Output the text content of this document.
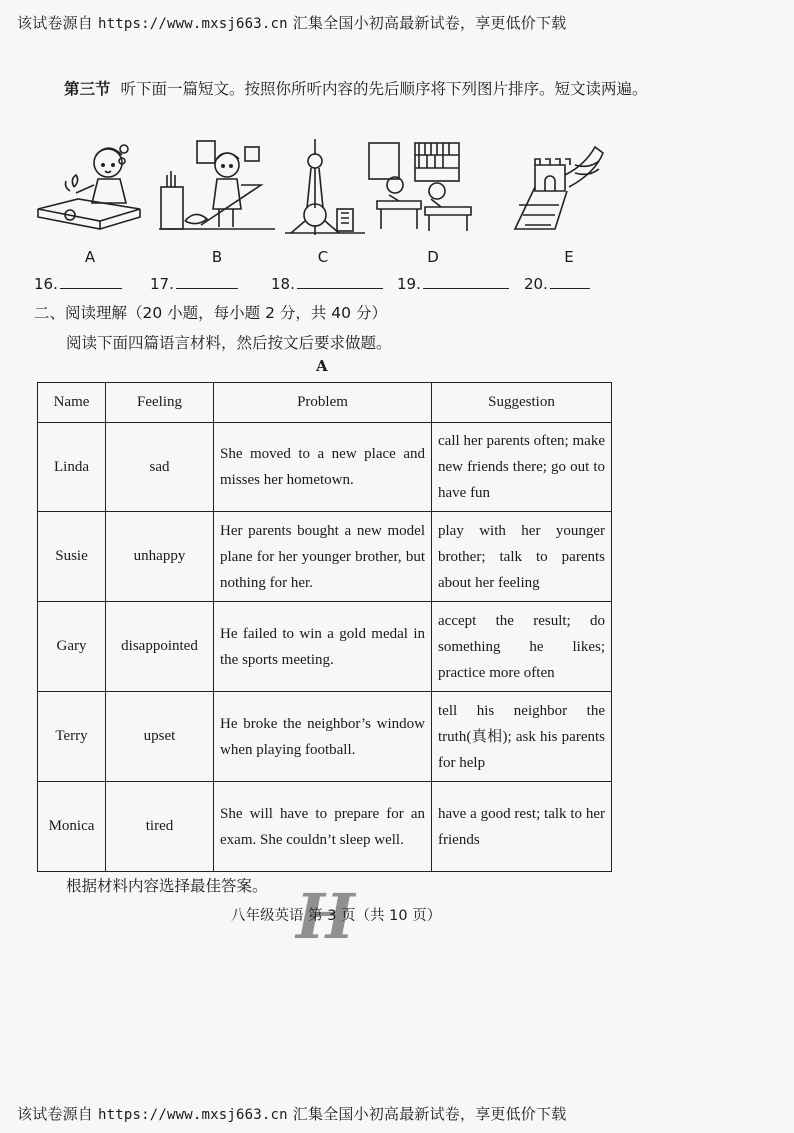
该试卷源自 https://www.mxsj663.cn 汇集全国小初高最新试卷，享更低价下载
第三节 听下面一篇短文。按照你所听内容的先后顺序将下列图片排序。短文读两遍。
A	B	C	D	E
16.	17.	18.	19.	20.
二、阅读理解（20 小题，每小题 2 分，共 40 分）
阅读下面四篇语言材料，然后按文后要求做题。
A
Name	Feeling	Problem	Suggestion
Linda	sad	She moved to a new place and misses her hometown.	call her parents often; make new friends there; go out to have fun
Susie	unhappy	Her parents bought a new model plane for her younger brother, but nothing for her.	play with her younger brother; talk to parents about her feeling
Gary	disappointed	He failed to win a gold medal in the sports meeting.	accept the result; do something he likes; practice more often
Terry	upset	He broke the neighbor’s window when playing football.	tell his neighbor the truth(真相); ask his parents for help
Monica	tired	She will have to prepare for an exam. She couldn’t sleep well.	have a good rest; talk to her friends
根据材料内容选择最佳答案。 H
八年级英语 第 3 页（共 10 页）
该试卷源自 https://www.mxsj663.cn 汇集全国小初高最新试卷，享更低价下载
